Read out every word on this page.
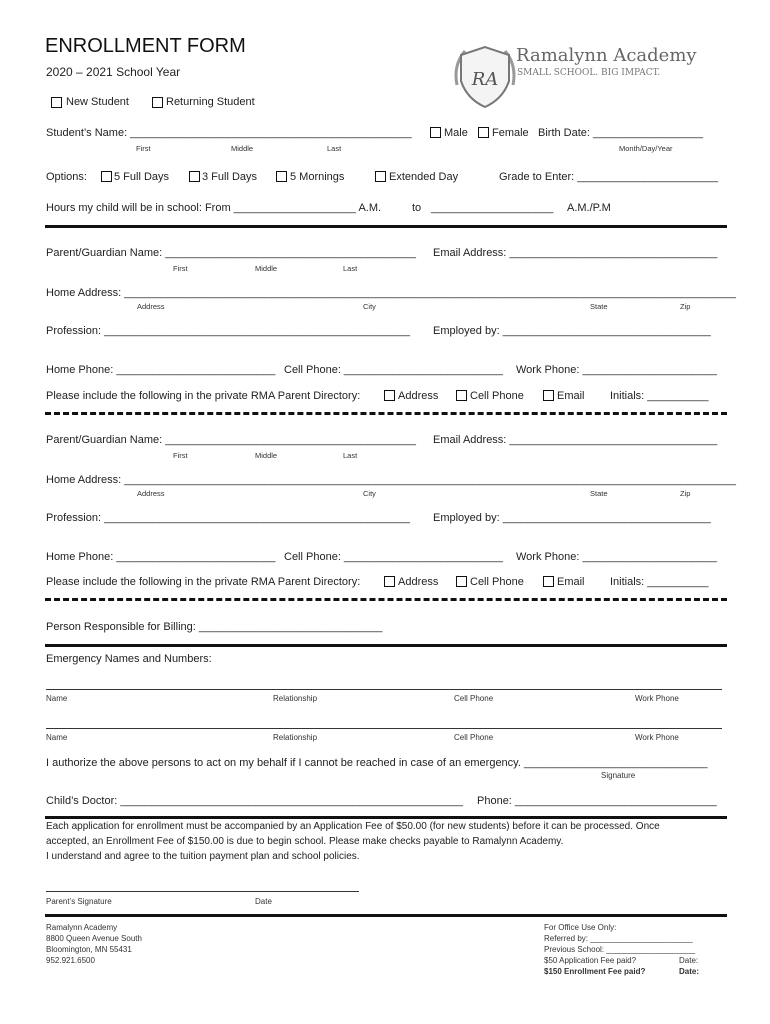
ENROLLMENT FORM
2020 – 2021 School Year

	RA

Ramalynn Academy

SMALL SCHOOL. BIG IMPACT.

New Student	Returning Student
Student’s Name: ______________________________________________	Male Female Birth Date: __________________
First	Middle	Last	Month/Day/Year
Options: 5 Full Days	3 Full Days	5 Mornings	Extended Day	Grade to Enter: _______________________
Hours my child will be in school: From ____________________ A.M.	to ____________________ A.M./P.M
Parent/Guardian Name: _________________________________________ Email Address: __________________________________
First	Middle	Last
Home Address: ____________________________________________________________________________________________________
Address	City	State	Zip
Profession: __________________________________________________ Employed by: __________________________________
Home Phone: __________________________ Cell Phone: __________________________ Work Phone: ______________________
Please include the following in the private RMA Parent Directory:	Address	Cell Phone	Email Initials: __________
Parent/Guardian Name: _________________________________________ Email Address: __________________________________
First	Middle	Last
Home Address: ____________________________________________________________________________________________________
Address	City	State	Zip
Profession: __________________________________________________ Employed by: __________________________________
Home Phone: __________________________ Cell Phone: __________________________ Work Phone: ______________________
Please include the following in the private RMA Parent Directory:	Address	Cell Phone	Email Initials: __________
Person Responsible for Billing: ______________________________
Emergency Names and Numbers:
Name	Relationship	Cell Phone	Work Phone
Name	Relationship	Cell Phone	Work Phone
I authorize the above persons to act on my behalf if I cannot be reached in case of an emergency. ______________________________
Signature
Child’s Doctor: ________________________________________________________ Phone: _________________________________
Each application for enrollment must be accompanied by an Application Fee of $50.00 (for new students) before it can be processed. Once
accepted, an Enrollment Fee of $150.00 is due to begin school. Please make checks payable to Ramalynn Academy.
I understand and agree to the tuition payment plan and school policies.
Parent’s Signature	Date
Ramalynn Academy
8800 Queen Avenue South
Bloomington, MN 55431
952.921.6500
For Office Use Only:
Referred by: _______________________
Previous School: ____________________
$50 Application Fee paid?	Date:
$150 Enrollment Fee paid?	Date:
